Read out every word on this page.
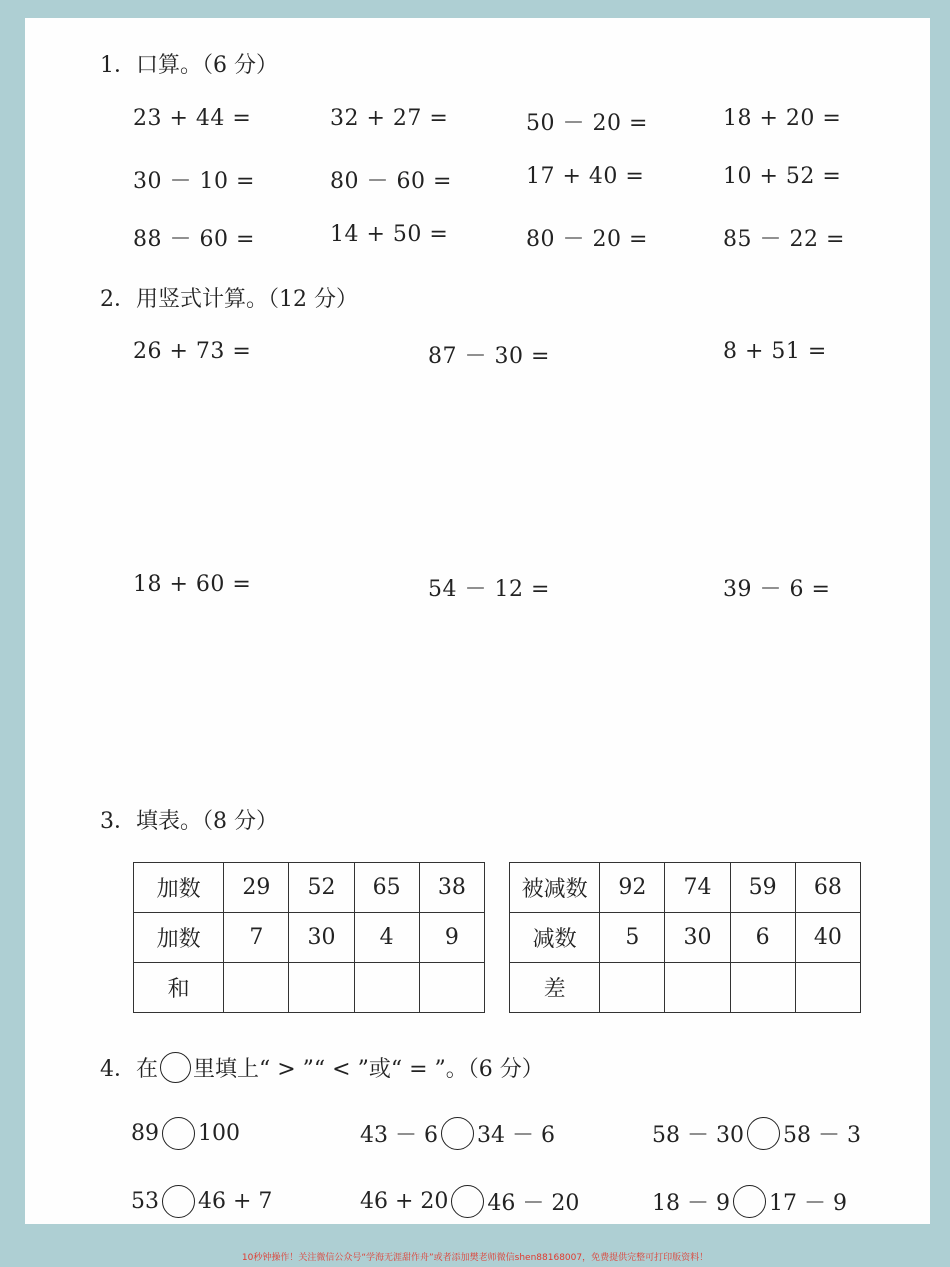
1．口算。（6 分）
23 + 44 =	32 + 27 =	50 － 20 =	18 + 20 =
30 － 10 =	80 － 60 =	17 + 40 =	10 + 52 =
88 － 60 =	14 + 50 =	80 － 20 =	85 － 22 =
2．用竖式计算。（12 分）
26 + 73 =	87 － 30 =	8 + 51 =
18 + 60 =	54 － 12 =	39 － 6 =
3．填表。（8 分）
加数	29	52	65	38
加数	7	30	4	9
和				
被减数	92	74	59	68
减数	5	30	6	40
差				
4．在 里填上“ > ”“ < ”或“ = ”。（6 分）
89 100	43 － 6 34 － 6	58 － 30 58 － 3
53 46 + 7	46 + 20 46 － 20	18 － 9 17 － 9
10秒钟操作！关注微信公众号“学海无涯甜作舟”或者添加樊老师微信shen88168007，免费提供完整可打印版资料！
